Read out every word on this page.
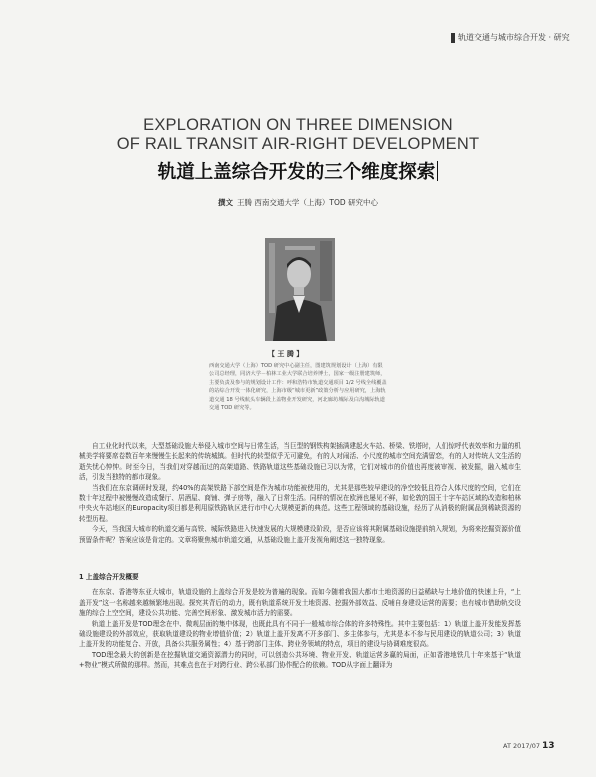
轨道交通与城市综合开发 · 研究
EXPLORATION ON THREE DIMENSION
OF RAIL TRANSIT AIR-RIGHT DEVELOPMENT
轨道上盖综合开发的三个维度探索
撰文 王腾 西南交通大学（上海）TOD 研究中心
【 王 腾 】
西南交通大学（上海）TOD 研究中心副主任，图建筑规划设计（上海）有限公司总经理，同济大学－柏林工业大学联合培养博士，国家一级注册建筑师，主要负责及参与的规划设计工作：呼和浩特市轨道交通项目 1/2 号线全线覆盖的站综合开发一体化研究，上海市级“城市更新”政策分析与应用研究，上海轨道交通 18 号线航头车辆段上盖物业开发研究，河北廊坊城际及白沟城际轨道交通 TOD 研究等。

自工业化时代以来，大型基础设施大举侵入城市空间与日常生活，当巨型的钢铁构架插满建起火车站、桥梁、铁塔时，人们惊呼代表效率和力量的机械美学将要席卷数百年来慢慢生长起来的传统城镇。但时代的转型似乎无可避免，有的人对闹活、小尺度的城市空间充满留恋，有的人对传统人文生活的逝失忧心忡忡。时至今日，当我们对穿越而过的高架道路、铁路轨道这些基础设施已习以为常，它们对城市的价值也再度被审视、被发掘，融入城市生活，引发当独特的都市现象。

当我们在东京调研时发现，约40%的高架铁路下部空间是作为城市功能被使用的，尤其是那些较早建设的净空较低且符合人体尺度的空间，它们在数十年过程中被慢慢改造成餐厅、居酒屋、商铺、弹子房等，融入了日常生活。同样的情况在欧洲也屡见不鲜，如伦敦的国王十字车站区域的改造和柏林中央火车站地区的Europacity项目都是利用原铁路轨区进行市中心大规模更新的典范。这些工程领域的基础设施，经历了从消极的附属品到稀缺资源的转型历程。

今天，当我国大城市的轨道交通与高铁、城际铁路进入快速发展的大规模建设阶段，是否应该将其附属基础设施提前纳入规划，为将来挖掘资源价值预留条件呢？答案应该是肯定的。文章将聚焦城市轨道交通，从基础设施上盖开发视角阐述这一独特现象。

1 上盖综合开发概要

在东京、香港等东亚大城市，轨道设施的上盖综合开发是较为普遍的现象。而如今随着我国大都市土地资源的日益稀缺与土地价值的快速上升，“上盖开发”这一名称越来越频繁地出现。探究其背后的动力，既有轨道系统开发土地资源、挖掘外部效益、反哺自身建设运营的需要；也有城市借助轨交设施的综合上空空间，建设公共功能、完善空间形象、激发城市活力的需要。

轨道上盖开发是TOD理念在中、微观层面的集中体现，也既此具有不同于一般城市综合体的许多特殊性。其中主要包括：1）轨道上盖开发能发挥基础设施建设的外部效应，获取轨道建设的物业增值价值；2）轨道上盖开发离不开多部门、多主体参与，尤其是本不参与民用建设的轨道公司；3）轨道上盖开发的功能复合、开放，具备公共服务属性；4）基于跨部门主体、跨业务领域的特点，项目的建设与协调难度很高。

TOD理念最大的创新是在挖掘轨道交通资源潜力的同时，可以创造公共环境、物业开发、轨道运营多赢的局面，正如香港地铁几十年来基于“轨道+物业”模式所做的那样。然而，其难点也在于对跨行业、跨公私部门协作配合的依赖。TOD从字面上翻译为

AT 2017/07 13
